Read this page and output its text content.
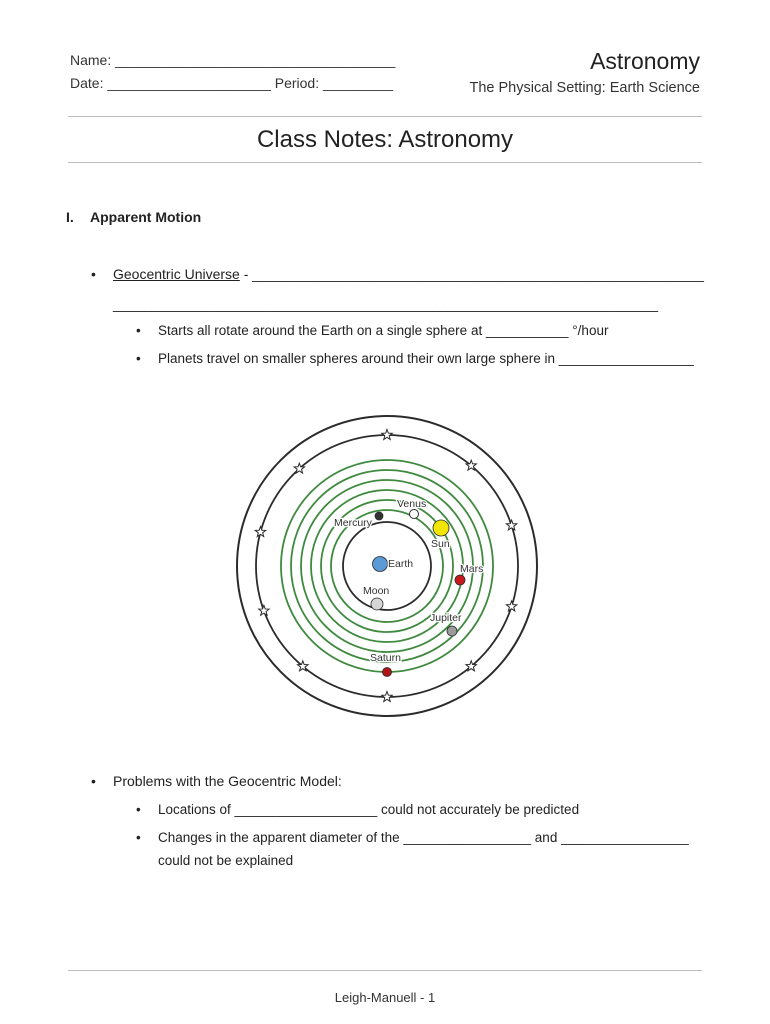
Name: ____________________________________
Date: _____________________ Period: _________
Astronomy
The Physical Setting: Earth Science
Class Notes: Astronomy
I. Apparent Motion
• Geocentric Universe - __________________________________________________________
______________________________________________________________________
• Starts all rotate around the Earth on a single sphere at ___________ °/hour
• Planets travel on smaller spheres around their own large sphere in __________________
Earth
Moon
Mercury
Venus
Sun
Mars
Jupiter
Saturn
• Problems with the Geocentric Model:
• Locations of ___________________ could not accurately be predicted
• Changes in the apparent diameter of the _________________ and _________________
could not be explained
Leigh-Manuell - 1
